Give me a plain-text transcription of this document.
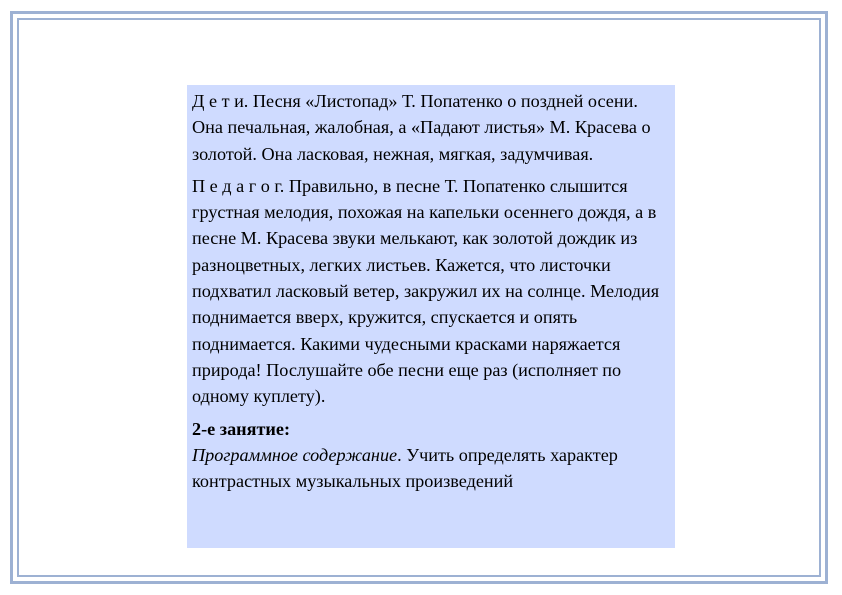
Д е т и. Песня «Листопад» Т. Попатенко о поздней осени. Она печальная, жалобная, а «Падают листья» М. Красева о золотой. Она ласковая, нежная, мягкая, задумчивая.

П е д а г о г. Правильно, в песне Т. Попатенко слышится грустная мелодия, похожая на капельки осеннего дождя, а в песне М. Красева звуки мелькают, как золотой дождик из разноцветных, легких листьев. Кажется, что листочки подхватил ласковый ветер, закружил их на солнце. Мелодия поднимается вверх, кружится, спускается и опять поднимается. Какими чудесными красками наряжается природа! Послушайте обе песни еще раз (исполняет по одному куплету).

2-е занятие:

Программное содержание. Учить определять характер контрастных музыкальных произведений
